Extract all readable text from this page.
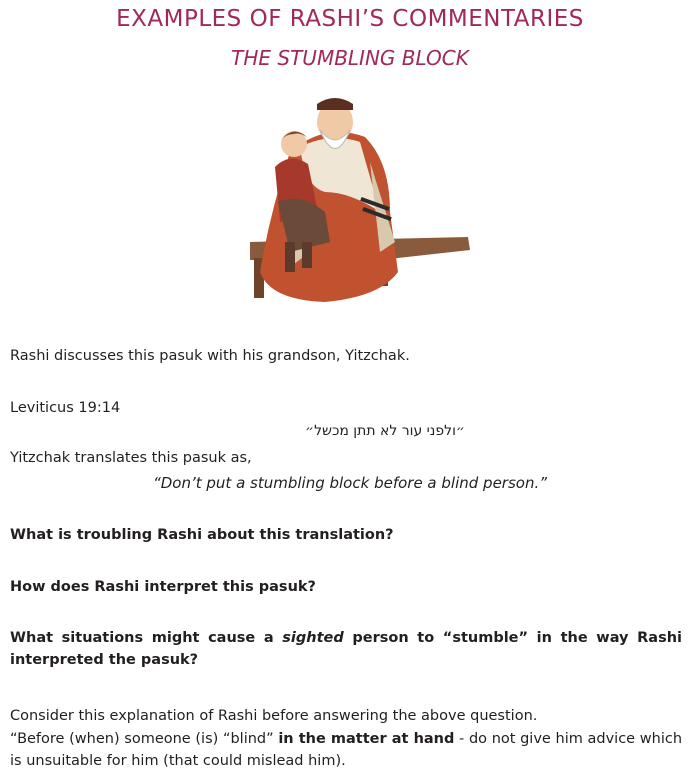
EXAMPLES OF RASHI’S COMMENTARIES
THE STUMBLING BLOCK
Rashi discusses this pasuk with his grandson, Yitzchak.
Leviticus 19:14
״ולפני עור לא תתן מכשל״
Yitzchak translates this pasuk as,
“Don’t put a stumbling block before a blind person.”
What is troubling Rashi about this translation?
How does Rashi interpret this pasuk?
What situations might cause a sighted person to “stumble” in the way Rashi interpreted the pasuk?
Consider this explanation of Rashi before answering the above question.
“Before (when) someone (is) “blind” in the matter at hand - do not give him advice which is unsuitable for him (that could mislead him).
